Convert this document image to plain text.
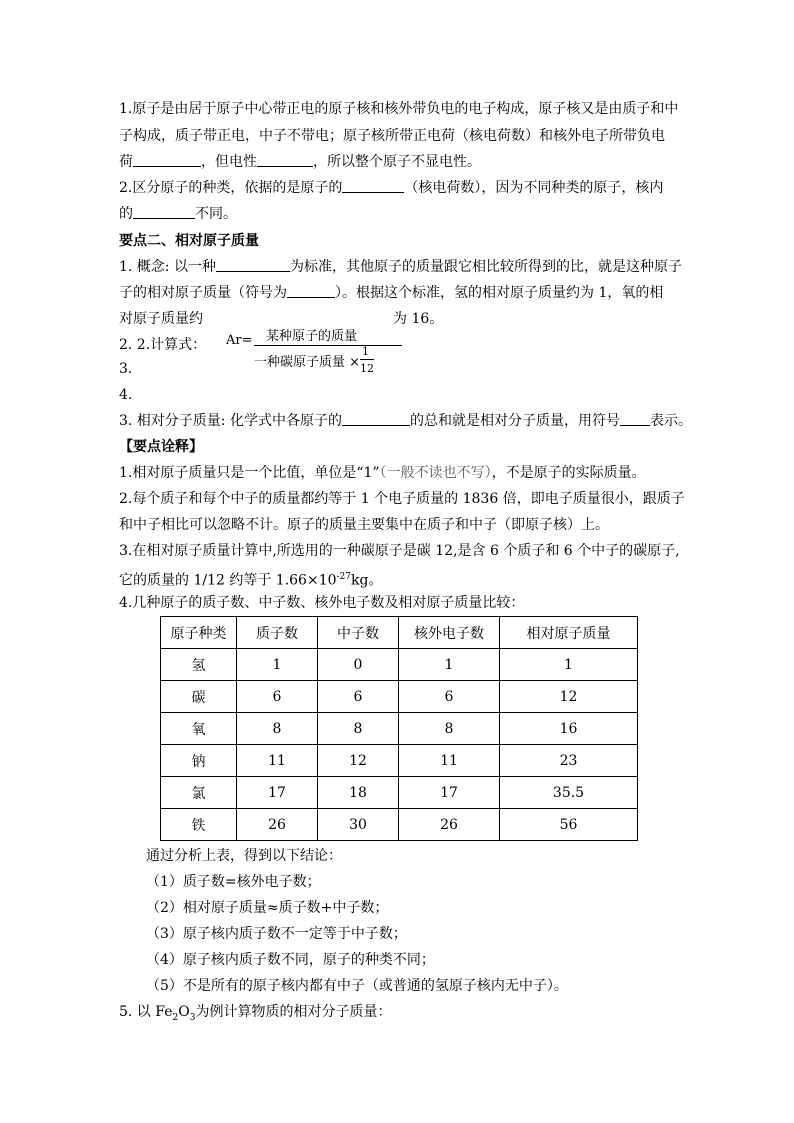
1.原子是由居于原子中心带正电的原子核和核外带负电的电子构成，原子核又是由质子和中
子构成，质子带正电，中子不带电；原子核所带正电荷（核电荷数）和核外电子所带负电
荷	，但电性	，所以整个原子不显电性。
2.区分原子的种类，依据的是原子的	（核电荷数），因为不同种类的原子，核内
的	不同。
要点二、相对原子质量
1. 概念: 以一种	为标准，其他原子的质量跟它相比较所得到的比，就是这种原子
子的相对原子质量（符号为	）。根据这个标准，氢的相对原子质量约为 1，氧的相
对原子质量约	为 16。
2. 2.计算式： Ar= 某种原子的质量
一种碳原子质量 ×
1
12
3.
4.
3. 相对分子质量: 化学式中各原子的	的总和就是相对分子质量，用符号 表示。
【要点诠释】
1.相对原子质量只是一个比值，单位是“1”（一般不读也不写），不是原子的实际质量。
2.每个质子和每个中子的质量都约等于 1 个电子质量的 1836 倍，即电子质量很小，跟质子
和中子相比可以忽略不计。原子的质量主要集中在质子和中子（即原子核）上。
3.在相对原子质量计算中,所选用的一种碳原子是碳 12,是含 6 个质子和 6 个中子的碳原子,
它的质量的 1/12 约等于 $1.66\times 10^{-27}kg$。
4.几种原子的质子数、中子数、核外电子数及相对原子质量比较：
原子种类	质子数	中子数	核外电子数	相对原子质量
氢	1	0	1	1
碳	6	6	6	12
氧	8	8	8	16
钠	11	12	11	23
氯	17	18	17	35.5
铁	26	30	26	56
通过分析上表，得到以下结论：
（1）质子数=核外电子数；
（2）相对原子质量≈质子数+中子数；
（3）原子核内质子数不一定等于中子数；
（4）原子核内质子数不同，原子的种类不同；
（5）不是所有的原子核内都有中子（或普通的氢原子核内无中子）。
5. 以 $Fe_2O_3$为例计算物质的相对分子质量：
